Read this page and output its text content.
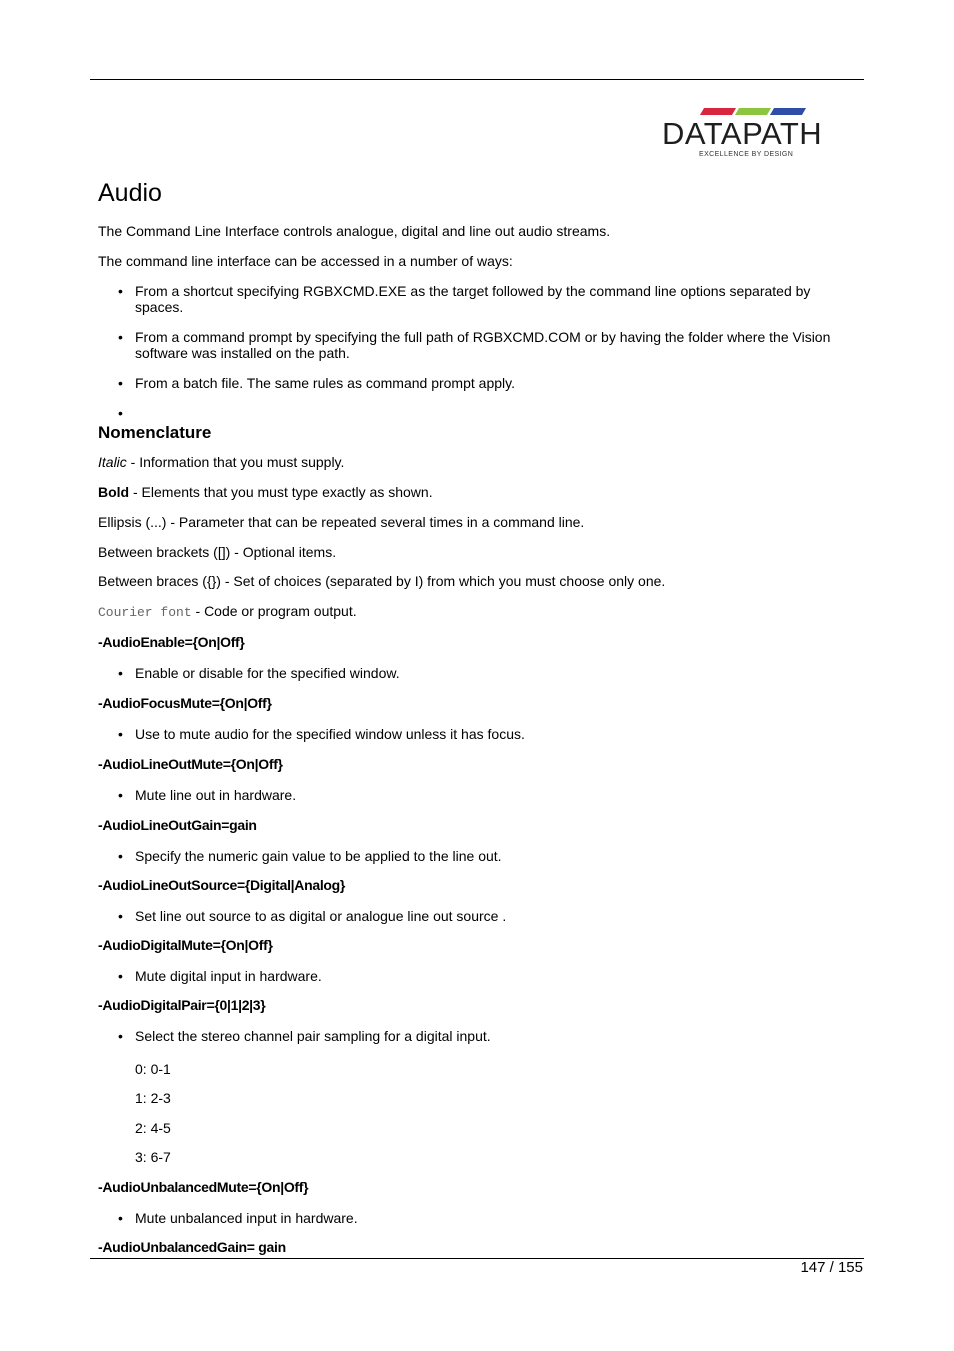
DATAPATH
EXCELLENCE BY DESIGN
Audio

The Command Line Interface controls analogue, digital and line out audio streams.

The command line interface can be accessed in a number of ways:

• From a shortcut specifying RGBXCMD.EXE as the target followed by the command line options separated by spaces.
• From a command prompt by specifying the full path of RGBXCMD.COM or by having the folder where the Vision software was installed on the path.
• From a batch file. The same rules as command prompt apply.
•
Nomenclature

Italic - Information that you must supply.

Bold - Elements that you must type exactly as shown.

Ellipsis (...) - Parameter that can be repeated several times in a command line.

Between brackets ([]) - Optional items.

Between braces ({}) - Set of choices (separated by I) from which you must choose only one.

Courier font - Code or program output.

-AudioEnable={On|Off}

• Enable or disable for the specified window.

-AudioFocusMute={On|Off}

• Use to mute audio for the specified window unless it has focus.

-AudioLineOutMute={On|Off}

• Mute line out in hardware.

-AudioLineOutGain=gain

• Specify the numeric gain value to be applied to the line out.

-AudioLineOutSource={Digital|Analog}

• Set line out source to as digital or analogue line out source .

-AudioDigitalMute={On|Off}

• Mute digital input in hardware.

-AudioDigitalPair={0|1|2|3}

• Select the stereo channel pair sampling for a digital input.

0: 0-1

1: 2-3

2: 4-5

3: 6-7

-AudioUnbalancedMute={On|Off}

• Mute unbalanced input in hardware.

-AudioUnbalancedGain= gain

147 / 155
